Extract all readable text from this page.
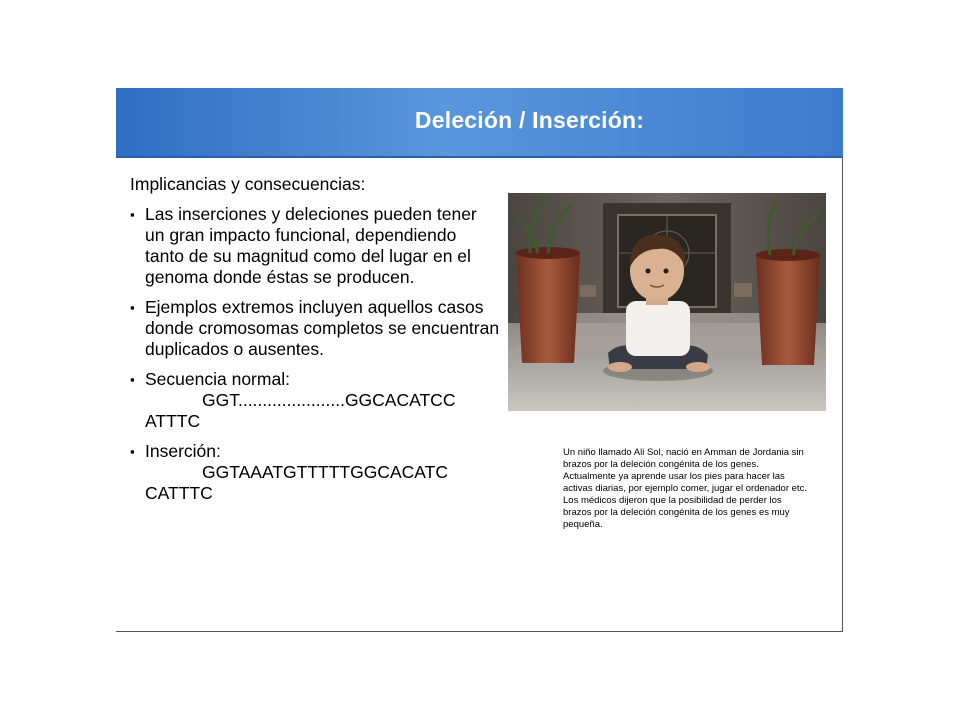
Deleción / Inserción:
Implicancias y consecuencias:
▪ Las inserciones y deleciones pueden tener un gran impacto funcional, dependiendo tanto de su magnitud como del lugar en el genoma donde éstas se producen.
▪ Ejemplos extremos incluyen aquellos casos donde cromosomas completos se encuentran duplicados o ausentes.
▪ Secuencia normal:
GGT......................GGCACATCC
ATTTC
▪ Inserción:
GGTAAATGTTTTTGGCACATC
CATTTC
Un niño llamado Ali Sol, nació en Amman de Jordania sin brazos por la deleción congénita de los genes. Actualmente ya aprende usar los pies para hacer las activas diarias, por ejemplo comer, jugar el ordenador etc. Los médicos dijeron que la posibilidad de perder los brazos por la deleción congénita de los genes es muy pequeña.
